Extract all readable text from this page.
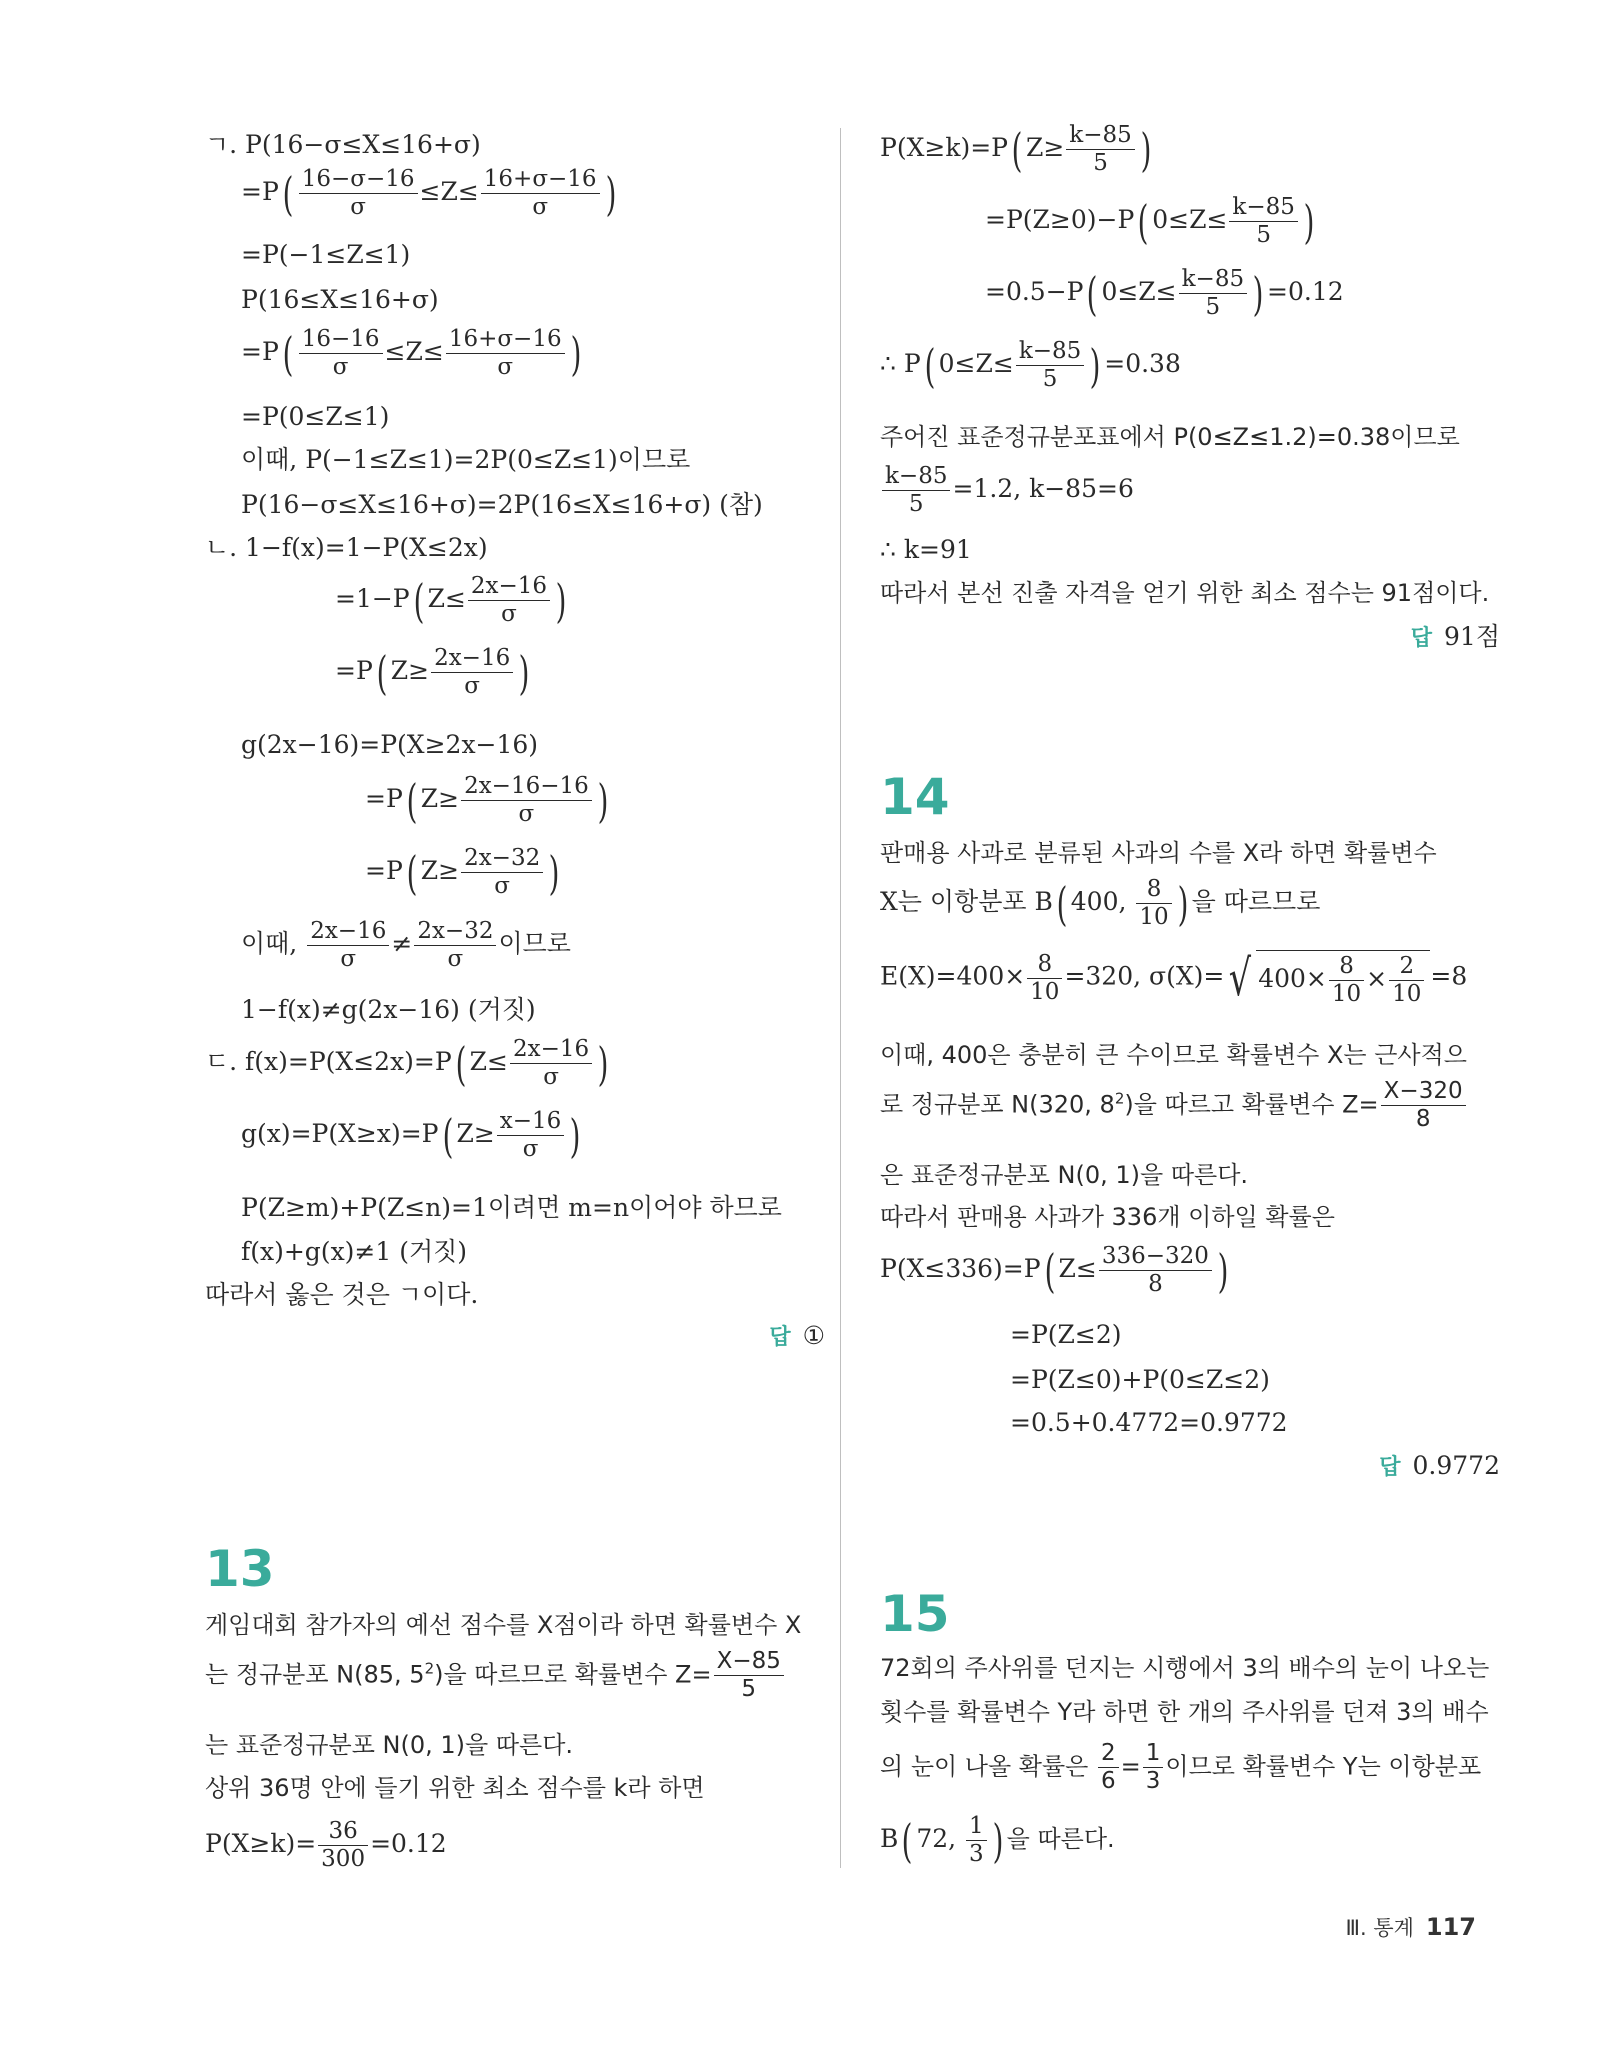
ㄱ. P(16−σ≤X≤16+σ)
$=P( \frac{16-\sigma-16}{\sigma} \le Z\le \frac{16+\sigma-16}{\sigma}$ )
=P(−1≤Z≤1)
P(16≤X≤16+σ)
$=P( \frac{16-16}{\sigma} \le Z\le \frac{16+\sigma-16}{\sigma}$ )
=P(0≤Z≤1)
이때, P(−1≤Z≤1)=2P(0≤Z≤1)이므로
P(16−σ≤X≤16+σ)=2P(16≤X≤16+σ) (참)
ㄴ. 1−f(x)=1−P(X≤2x)
=1−P( $Z\le \frac{2x-16}{\sigma}$ )
=P( $Z\ge \frac{2x-16}{\sigma}$ )
g(2x−16)=P(X≥2x−16)
=P( $Z\ge \frac{2x-16-16}{\sigma}$ )
=P( $Z\ge \frac{2x-32}{\sigma}$ )
이때, $\frac{2x-16}{\sigma} \ne \frac{2x-32}{\sigma}$ 이므로
1−f(x)≠g(2x−16) (거짓)
ㄷ. f(x)=P(X≤2x)=P( $Z\le \frac{2x-16}{\sigma}$ )
g(x)=P(X≥x)=P( $Z\ge \frac{x-16}{\sigma}$ )
P(Z≥m)+P(Z≤n)=1이려면 m=n이어야 하므로
f(x)+g(x)≠1 (거짓)
따라서 옳은 것은 ㄱ이다.
답 ①
13
게임대회 참가자의 예선 점수를 X점이라 하면 확률변수 X
는 정규분포 N(85, $5^2$)을 따르므로 확률변수 $Z= \frac{X-85}{5}$
는 표준정규분포 N(0, 1)을 따른다.
상위 36명 안에 들기 위한 최소 점수를 k라 하면
$P(X\ge k)= \frac{36}{300} =0.12$
P(X≥k)=P( $Z\ge \frac{k-85}{5}$ )
=P(Z≥0)−P( $0\le Z\le \frac{k-85}{5}$ )
=0.5−P( $0\le Z\le \frac{k-85}{5}$ ) =0.12
∴ P( $0\le Z\le \frac{k-85}{5}$ ) =0.38
주어진 표준정규분포표에서 P(0≤Z≤1.2)=0.38이므로
$\frac{k-85}{5} =1.2$, k−85=6
∴ k=91
따라서 본선 진출 자격을 얻기 위한 최소 점수는 91점이다.
답 91점
14
판매용 사과로 분류된 사과의 수를 X라 하면 확률변수
X는 이항분포 B( 400, $\frac{8}{10}$ ) 을 따르므로
$E(X)=400\times \frac{8}{10} =320$, σ(X)=√ $400\times \frac{8}{10} \times \frac{2}{10} =8$
이때, 400은 충분히 큰 수이므로 확률변수 X는 근사적으
로 정규분포 N(320, $8^2$)을 따르고 확률변수 $Z= \frac{X-320}{8}$
은 표준정규분포 N(0, 1)을 따른다.
따라서 판매용 사과가 336개 이하일 확률은
P(X≤336)=P( $Z\le \frac{336-320}{8}$ )
=P(Z≤2)
=P(Z≤0)+P(0≤Z≤2)
=0.5+0.4772=0.9772
답 0.9772
15
72회의 주사위를 던지는 시행에서 3의 배수의 눈이 나오는
횟수를 확률변수 Y라 하면 한 개의 주사위를 던져 3의 배수
의 눈이 나올 확률은 $\frac{2}{6} = \frac{1}{3}$ 이므로 확률변수 Y는 이항분포
B( 72, $\frac{1}{3}$ ) 을 따른다.
Ⅲ. 통계 117
